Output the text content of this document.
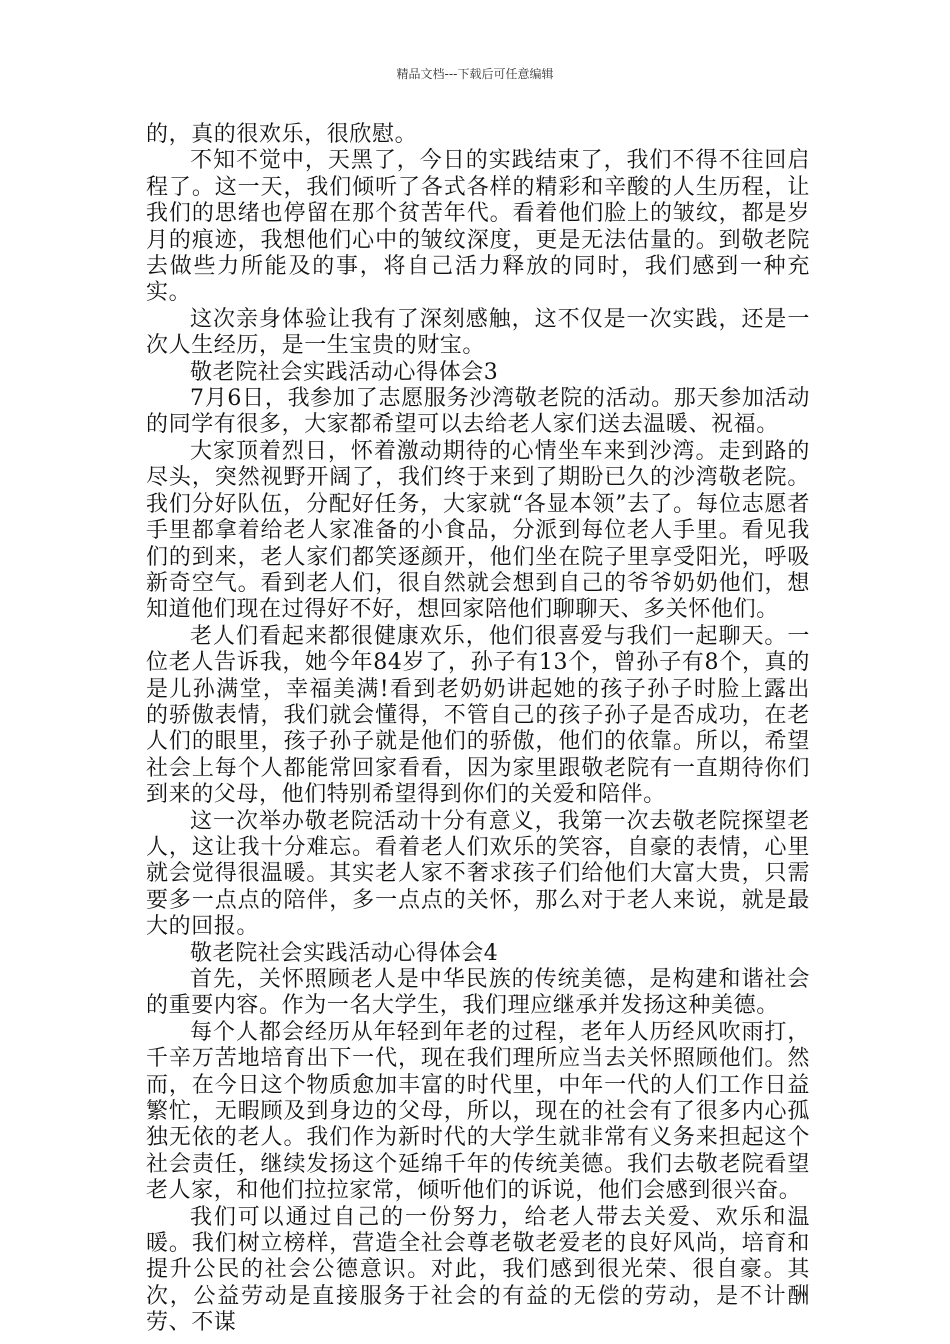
精品文档---下载后可任意编辑

的，真的很欢乐，很欣慰。

不知不觉中，天黑了，今日的实践结束了，我们不得不往回启程了。这一天，我们倾听了各式各样的精彩和辛酸的人生历程，让我们的思绪也停留在那个贫苦年代。看着他们脸上的皱纹，都是岁月的痕迹，我想他们心中的皱纹深度，更是无法估量的。到敬老院去做些力所能及的事，将自己活力释放的同时，我们感到一种充实。

这次亲身体验让我有了深刻感触，这不仅是一次实践，还是一次人生经历，是一生宝贵的财宝。

敬老院社会实践活动心得体会3

7月6日，我参加了志愿服务沙湾敬老院的活动。那天参加活动的同学有很多，大家都希望可以去给老人家们送去温暖、祝福。

大家顶着烈日，怀着激动期待的心情坐车来到沙湾。走到路的尽头，突然视野开阔了，我们终于来到了期盼已久的沙湾敬老院。我们分好队伍，分配好任务，大家就“各显本领”去了。每位志愿者手里都拿着给老人家准备的小食品，分派到每位老人手里。看见我们的到来，老人家们都笑逐颜开，他们坐在院子里享受阳光，呼吸新奇空气。看到老人们，很自然就会想到自己的爷爷奶奶他们，想知道他们现在过得好不好，想回家陪他们聊聊天、多关怀他们。

老人们看起来都很健康欢乐，他们很喜爱与我们一起聊天。一位老人告诉我，她今年84岁了，孙子有13个，曾孙子有8个，真的是儿孙满堂，幸福美满!看到老奶奶讲起她的孩子孙子时脸上露出的骄傲表情，我们就会懂得，不管自己的孩子孙子是否成功，在老人们的眼里，孩子孙子就是他们的骄傲，他们的依靠。所以，希望社会上每个人都能常回家看看，因为家里跟敬老院有一直期待你们到来的父母，他们特别希望得到你们的关爱和陪伴。

这一次举办敬老院活动十分有意义，我第一次去敬老院探望老人，这让我十分难忘。看着老人们欢乐的笑容，自豪的表情，心里就会觉得很温暖。其实老人家不奢求孩子们给他们大富大贵，只需要多一点点的陪伴，多一点点的关怀，那么对于老人来说，就是最大的回报。

敬老院社会实践活动心得体会4

首先，关怀照顾老人是中华民族的传统美德，是构建和谐社会的重要内容。作为一名大学生，我们理应继承并发扬这种美德。

每个人都会经历从年轻到年老的过程，老年人历经风吹雨打，千辛万苦地培育出下一代，现在我们理所应当去关怀照顾他们。然而，在今日这个物质愈加丰富的时代里，中年一代的人们工作日益繁忙，无暇顾及到身边的父母，所以，现在的社会有了很多内心孤独无依的老人。我们作为新时代的大学生就非常有义务来担起这个社会责任，继续发扬这个延绵千年的传统美德。我们去敬老院看望老人家，和他们拉拉家常，倾听他们的诉说，他们会感到很兴奋。

我们可以通过自己的一份努力，给老人带去关爱、欢乐和温暖。我们树立榜样，营造全社会尊老敬老爱老的良好风尚，培育和提升公民的社会公德意识。对此，我们感到很光荣、很自豪。其次，公益劳动是直接服务于社会的有益的无偿的劳动，是不计酬劳、不谋
